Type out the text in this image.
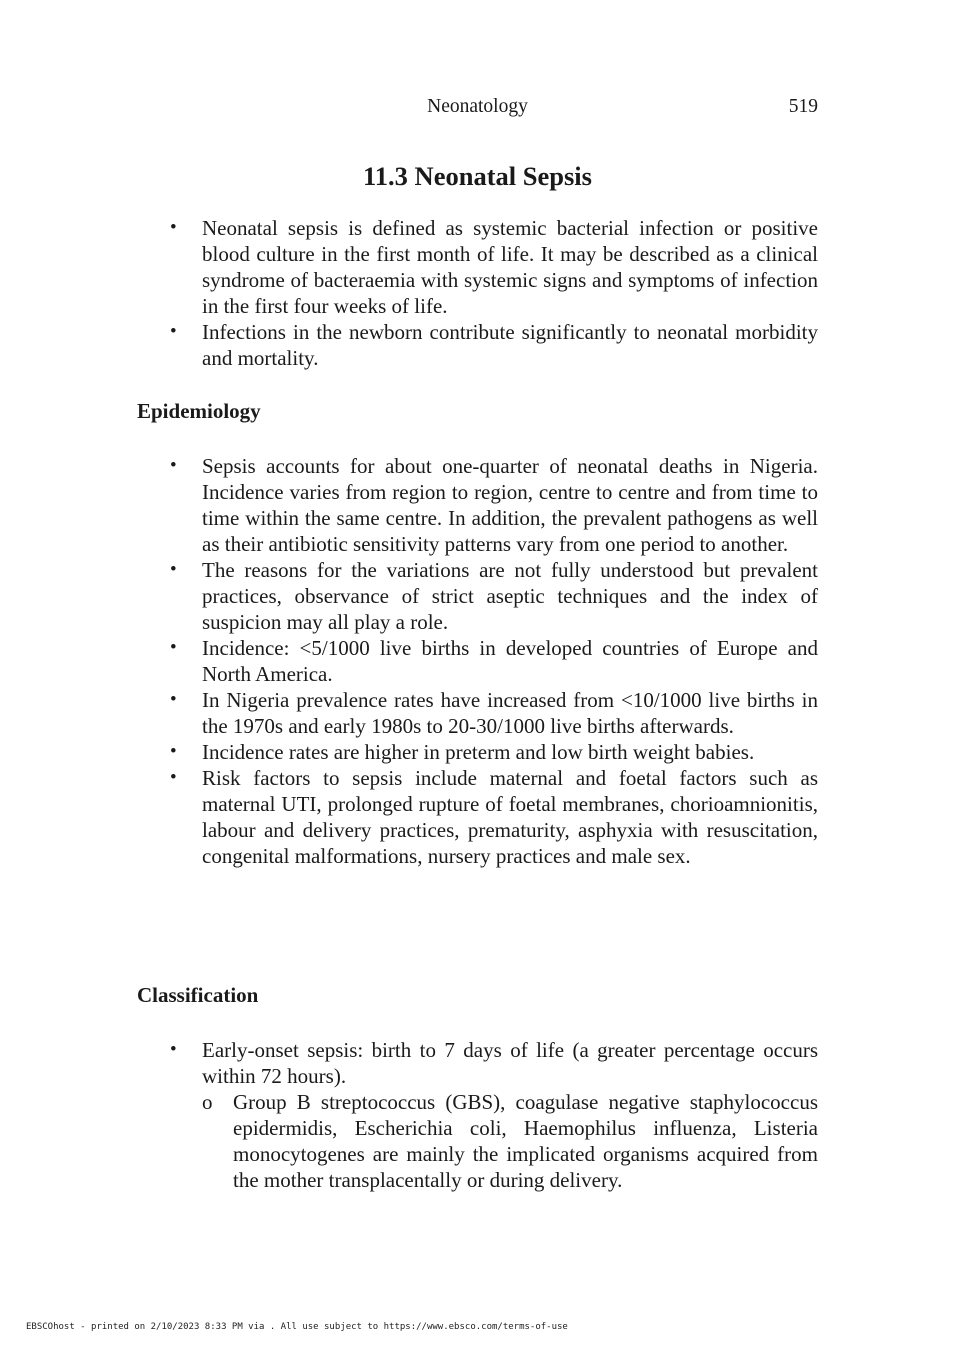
Neonatology	519
11.3 Neonatal Sepsis
• Neonatal sepsis is defined as systemic bacterial infection or positive blood culture in the first month of life. It may be described as a clinical syndrome of bacteraemia with systemic signs and symptoms of infection in the first four weeks of life.
• Infections in the newborn contribute significantly to neonatal morbidity and mortality.
Epidemiology
• Sepsis accounts for about one-quarter of neonatal deaths in Nigeria. Incidence varies from region to region, centre to centre and from time to time within the same centre. In addition, the prevalent pathogens as well as their antibiotic sensitivity patterns vary from one period to another.
• The reasons for the variations are not fully understood but prevalent practices, observance of strict aseptic techniques and the index of suspicion may all play a role.
• Incidence: <5/1000 live births in developed countries of Europe and North America.
• In Nigeria prevalence rates have increased from <10/1000 live births in the 1970s and early 1980s to 20-30/1000 live births afterwards.
• Incidence rates are higher in preterm and low birth weight babies.
• Risk factors to sepsis include maternal and foetal factors such as maternal UTI, prolonged rupture of foetal membranes, chorioamnionitis, labour and delivery practices, prematurity, asphyxia with resuscitation, congenital malformations, nursery practices and male sex.
Classification
• Early-onset sepsis: birth to 7 days of life (a greater percentage occurs within 72 hours).
o Group B streptococcus (GBS), coagulase negative staphylococcus epidermidis, Escherichia coli, Haemophilus influenza, Listeria monocytogenes are mainly the implicated organisms acquired from the mother transplacentally or during delivery.
EBSCOhost - printed on 2/10/2023 8:33 PM via . All use subject to https://www.ebsco.com/terms-of-use
